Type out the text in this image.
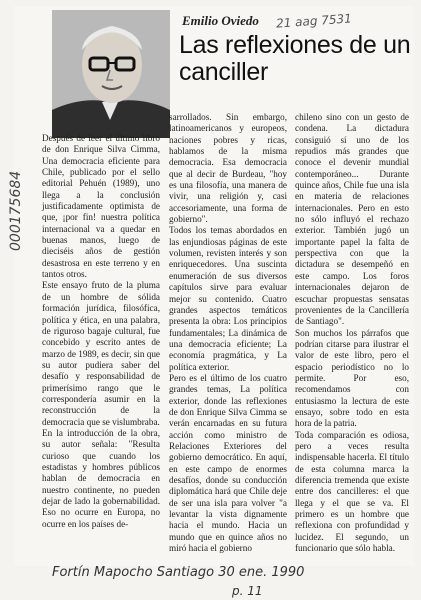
Emilio Oviedo 21 aag 7531
Las reflexiones de un canciller
000175684
Después de leer el último libro de don Enrique Silva Cimma, Una democracia eficiente para Chile, publicado por el sello editorial Pehuén (1989), uno llega a la conclusión justificadamente optimista de que, ¡por fin! nuestra política internacional va a quedar en buenas manos, luego de dieciséis años de gestión desastrosa en este terreno y en tantos otros.
Este ensayo fruto de la pluma de un hombre de sólida formación jurídica, filosófica, política y ética, en una palabra, de riguroso bagaje cultural, fue concebido y escrito antes de marzo de 1989, es decir, sin que su autor pudiera saber del desafío y responsabilidad de primerísimo rango que le correspondería asumir en la reconstrucción de la democracia que se vislumbraba.
En la introducción de la obra, su autor señala: "Resulta curioso que cuando los estadistas y hombres públicos hablan de democracia en nuestro continente, no pueden dejar de lado la gobernabilidad. Eso no ocurre en Europa, no ocurre en los países de-
sarrollados. Sin embargo, latinoamericanos y europeos, naciones pobres y ricas, hablamos de la misma democracia. Esa democracia que al decir de Burdeau, "hoy es una filosofía, una manera de vivir, una religión y, casi accesoriamente, una forma de gobierno".
Todos los temas abordados en las enjundiosas páginas de este volumen, revisten interés y son enriquecedores. Una suscinta enumeración de sus diversos capítulos sirve para evaluar mejor su contenido. Cuatro grandes aspectos temáticos presenta la obra: Los principios fundamentales; La dinámica de una democracia eficiente; La economía pragmática, y La política exterior.
Pero es el último de los cuatro grandes temas, La política exterior, donde las reflexiones de don Enrique Silva Cimma se verán encarnadas en su futura acción como ministro de Relaciones Exteriores del gobierno democrático. En aquí, en este campo de enormes desafíos, donde su conducción diplomática hará que Chile deje de ser una isla para volver "a levantar la vista dignamente hacia el mundo. Hacia un mundo que en quince años no miró hacia el gobierno
chileno sino con un gesto de condena. La dictadura consiguió sí uno de los repudios más grandes que conoce el devenir mundial contemporáneo... Durante quince años, Chile fue una isla en materia de relaciones internacionales. Pero en esto no sólo influyó el rechazo exterior. También jugó un importante papel la falta de perspectiva con que la dictadura se desempeñó en este campo. Los foros internacionales dejaron de escuchar propuestas sensatas provenientes de la Cancillería de Santiago".
Son muchos los párrafos que podrían citarse para ilustrar el valor de este libro, pero el espacio periodístico no lo permite. Por eso, recomendamos con entusiasmo la lectura de este ensayo, sobre todo en esta hora de la patria.
Toda comparación es odiosa, pero a veces resulta indispensable hacerla. El título de esta columna marca la diferencia tremenda que existe entre dos cancilleres: el que llega y el que se va. El primero es un hombre que reflexiona con profundidad y lucidez. El segundo, un funcionario que sólo habla.
Fortín Mapocho Santiago 30 ene. 1990
p. 11
